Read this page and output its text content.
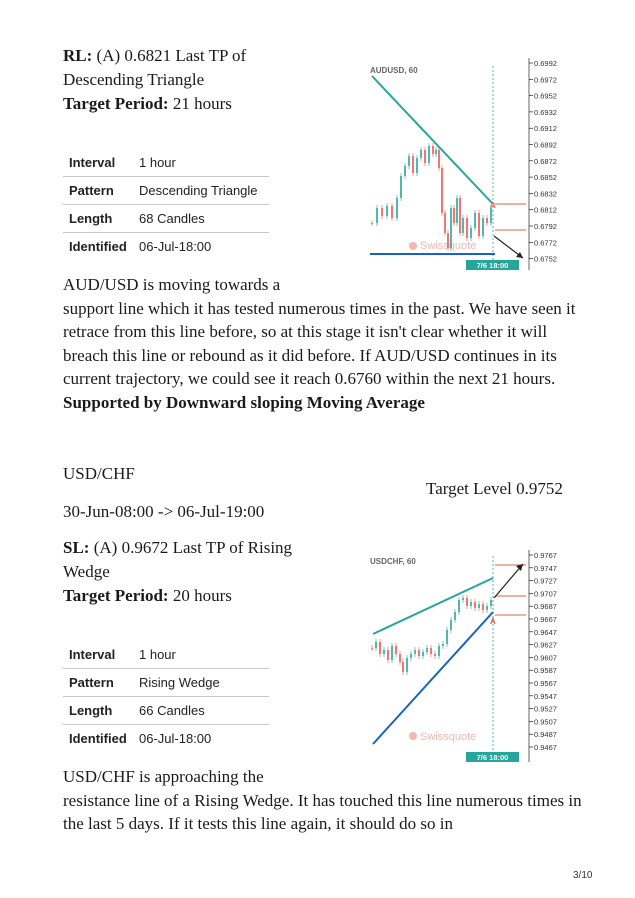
RL: (A) 0.6821 Last TP of
Descending Triangle
Target Period: 21 hours
Interval	1 hour
Pattern	Descending Triangle
Length	68 Candles
Identified	06-Jul-18:00
AUDUSD, 60
0.6992
0.6972
0.6952
0.6932
0.6912
0.6892
0.6872
0.6852
0.6832
0.6812
0.6792
0.6772
0.6752
A
Swissquote
7/6 18:00
AUD/USD is moving towards a
support line which it has tested numerous times in the past. We have seen it retrace from this line before, so at this stage it isn't clear whether it will breach this line or rebound as it did before. If AUD/USD continues in its current trajectory, we could see it reach 0.6760 within the next 21 hours.
Supported by Downward sloping Moving Average
USD/CHF
Target Level 0.9752
30-Jun-08:00 -> 06-Jul-19:00
SL: (A) 0.9672 Last TP of Rising
Wedge
Target Period: 20 hours
Interval	1 hour
Pattern	Rising Wedge
Length	66 Candles
Identified	06-Jul-18:00
USDCHF, 60
0.9767
0.9747
0.9727
0.9707
0.9687
0.9667
0.9647
0.9627
0.9607
0.9587
0.9567
0.9547
0.9527
0.9507
0.9487
0.9467
A
Swissquote
7/6 18:00
USD/CHF is approaching the
resistance line of a Rising Wedge. It has touched this line numerous times in the last 5 days. If it tests this line again, it should do so in
3/10
